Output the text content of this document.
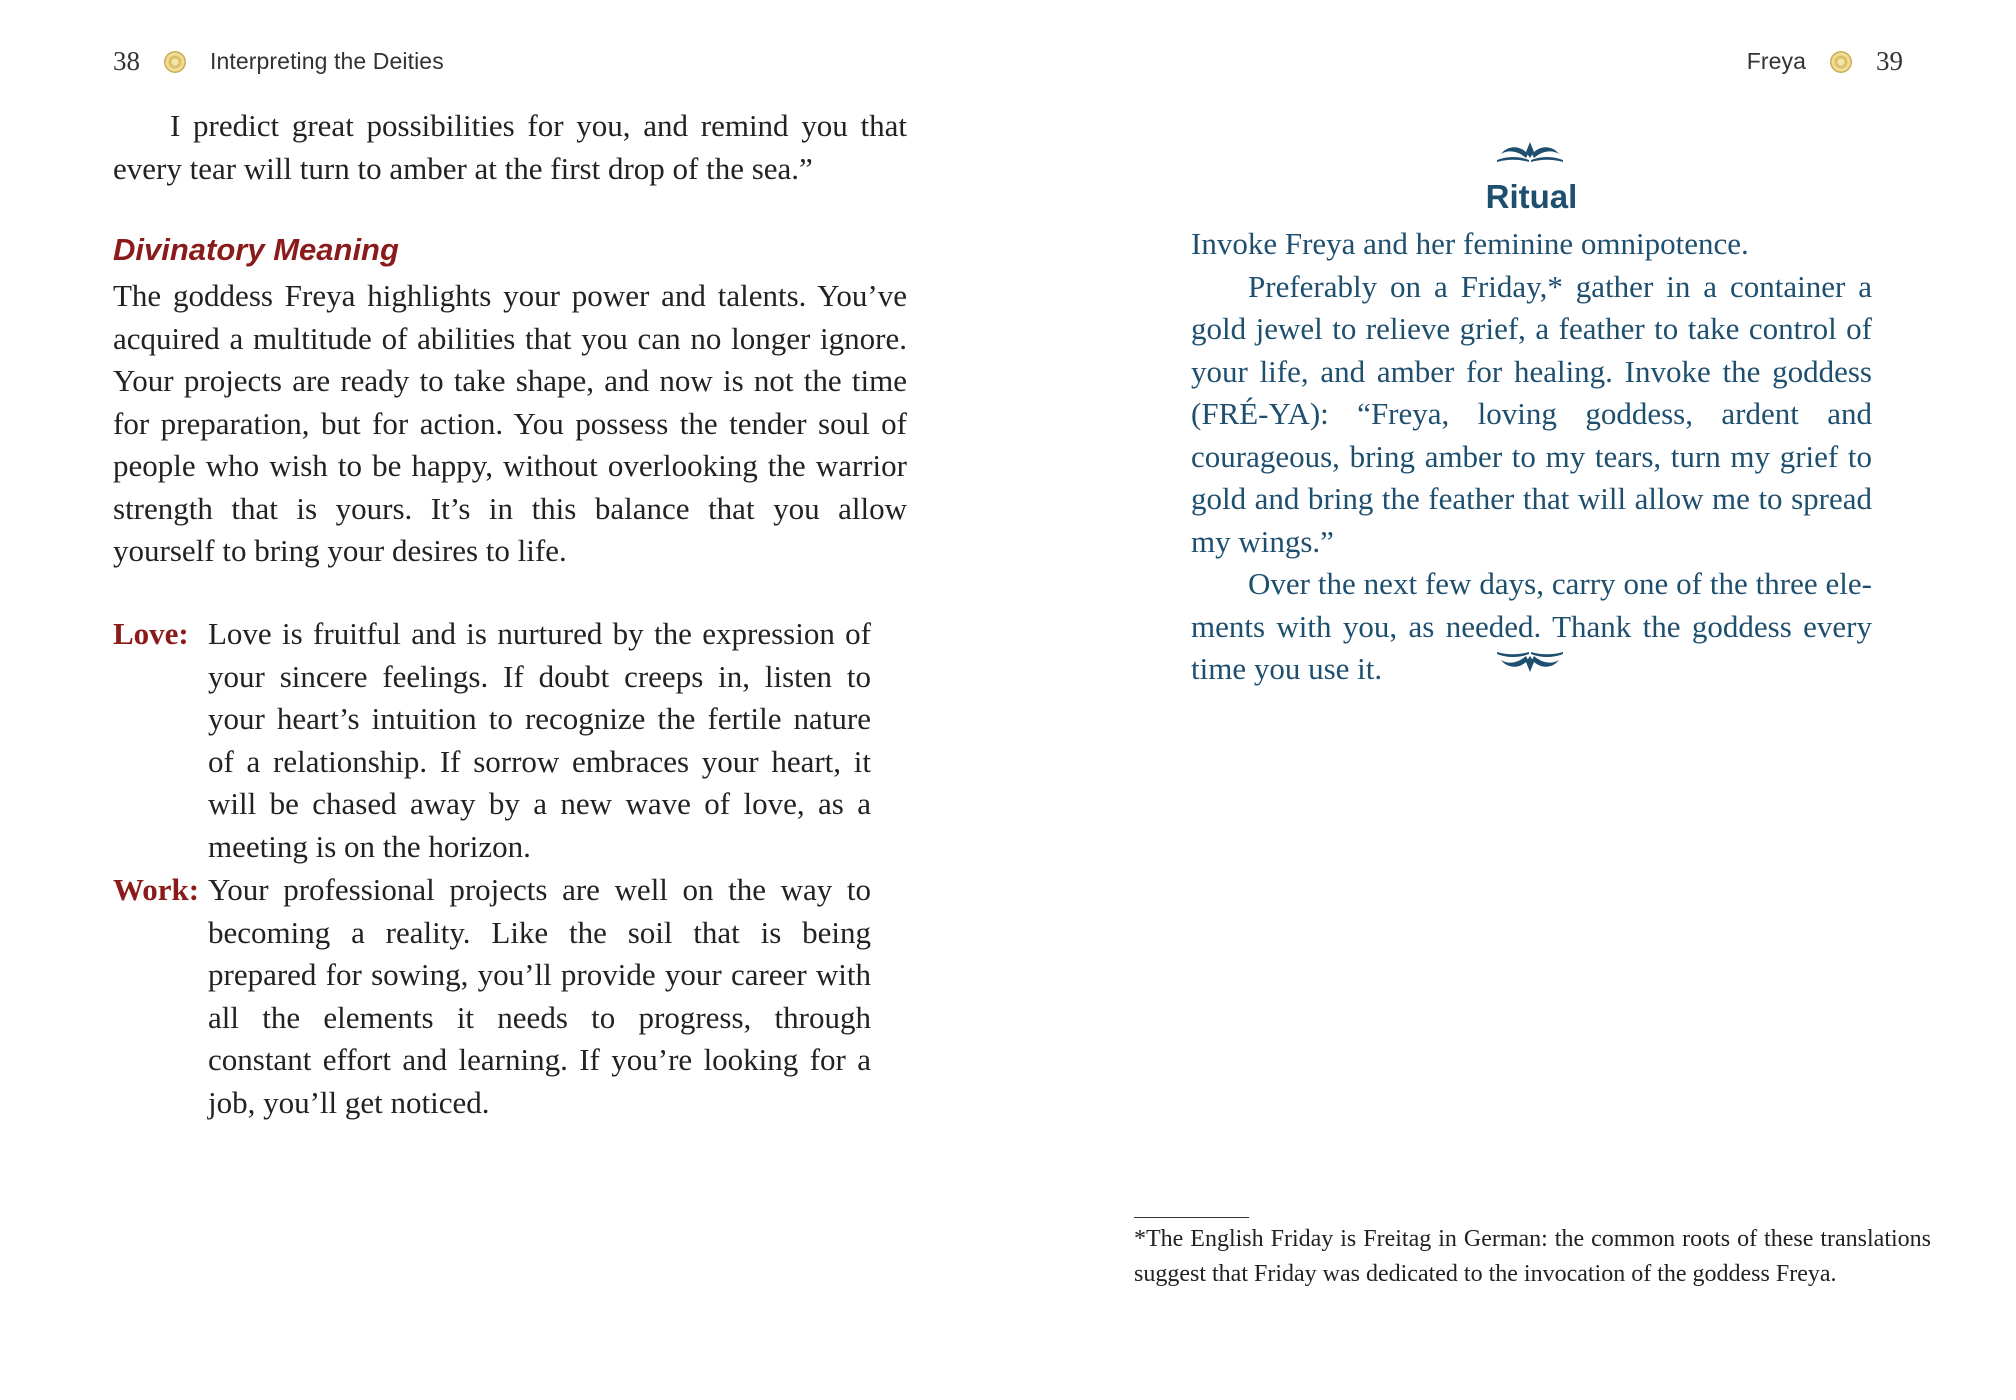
38	Interpreting the Deities

I predict great possibilities for you, and remind you that every tear will turn to amber at the first drop of the sea.”

Divinatory Meaning

The goddess Freya highlights your power and talents. You’ve acquired a multitude of abilities that you can no longer ignore. Your projects are ready to take shape, and now is not the time for preparation, but for action. You possess the tender soul of people who wish to be happy, without overlooking the warrior strength that is yours. It’s in this balance that you allow yourself to bring your desires to life.

Love: Love is fruitful and is nurtured by the expression of your sincere feelings. If doubt creeps in, listen to your heart’s intuition to recognize the fertile nature of a relationship. If sorrow embraces your heart, it will be chased away by a new wave of love, as a meeting is on the horizon.
Work: Your professional projects are well on the way to becoming a reality. Like the soil that is being prepared for sowing, you’ll provide your career with all the elements it needs to progress, through constant effort and learning. If you’re looking for a job, you’ll get noticed.
Freya	39
Ritual

Invoke Freya and her feminine omnipotence.

Preferably on a Friday,* gather in a container a gold jewel to relieve grief, a feather to take control of your life, and amber for healing. Invoke the goddess (FRÉ-YA): “Freya, loving goddess, ardent and courageous, bring amber to my tears, turn my grief to gold and bring the feather that will allow me to spread my wings.”

Over the next few days, carry one of the three elements with you, as needed. Thank the goddess every time you use it.

*The English Friday is Freitag in German: the common roots of these translations suggest that Friday was dedicated to the invocation of the goddess Freya.
